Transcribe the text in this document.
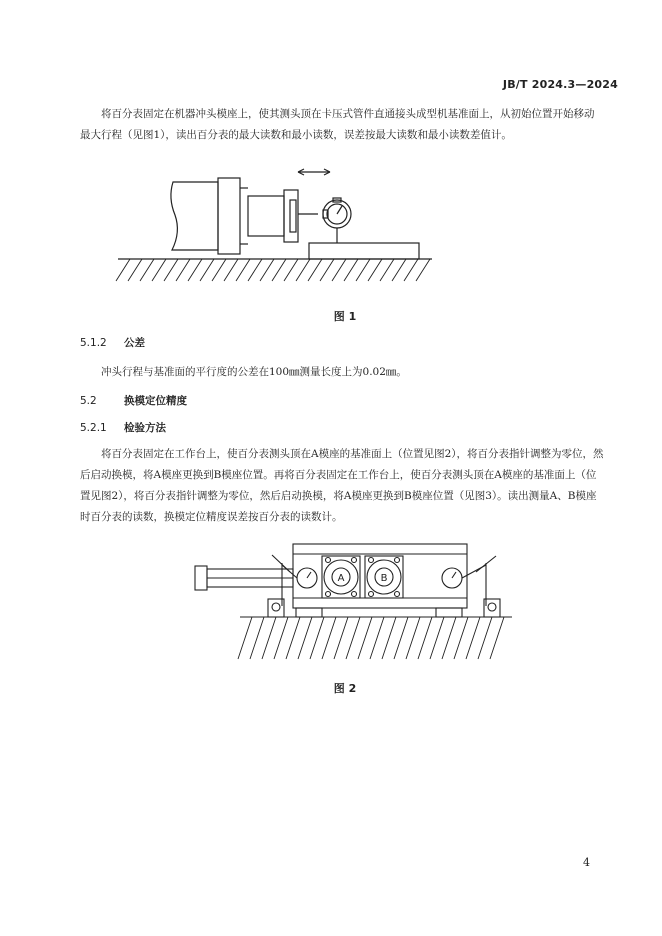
JB/T 2024.3—2024
将百分表固定在机器冲头模座上，使其测头顶在卡压式管件直通接头成型机基准面上，从初始位置开始移动最大行程（见图1），读出百分表的最大读数和最小读数，误差按最大读数和最小读数差值计。
图 1
5.1.2 公差
冲头行程与基准面的平行度的公差在100㎜测量长度上为0.02㎜。
5.2	换模定位精度
5.2.1 检验方法
将百分表固定在工作台上，使百分表测头顶在A模座的基准面上（位置见图2），将百分表指针调整为零位，然后启动换模，将A模座更换到B模座位置。再将百分表固定在工作台上，使百分表测头顶在A模座的基准面上（位置见图2），将百分表指针调整为零位，然后启动换模，将A模座更换到B模座位置（见图3）。读出测量A、B模座时百分表的读数，换模定位精度误差按百分表的读数计。
A	B
图 2
4
